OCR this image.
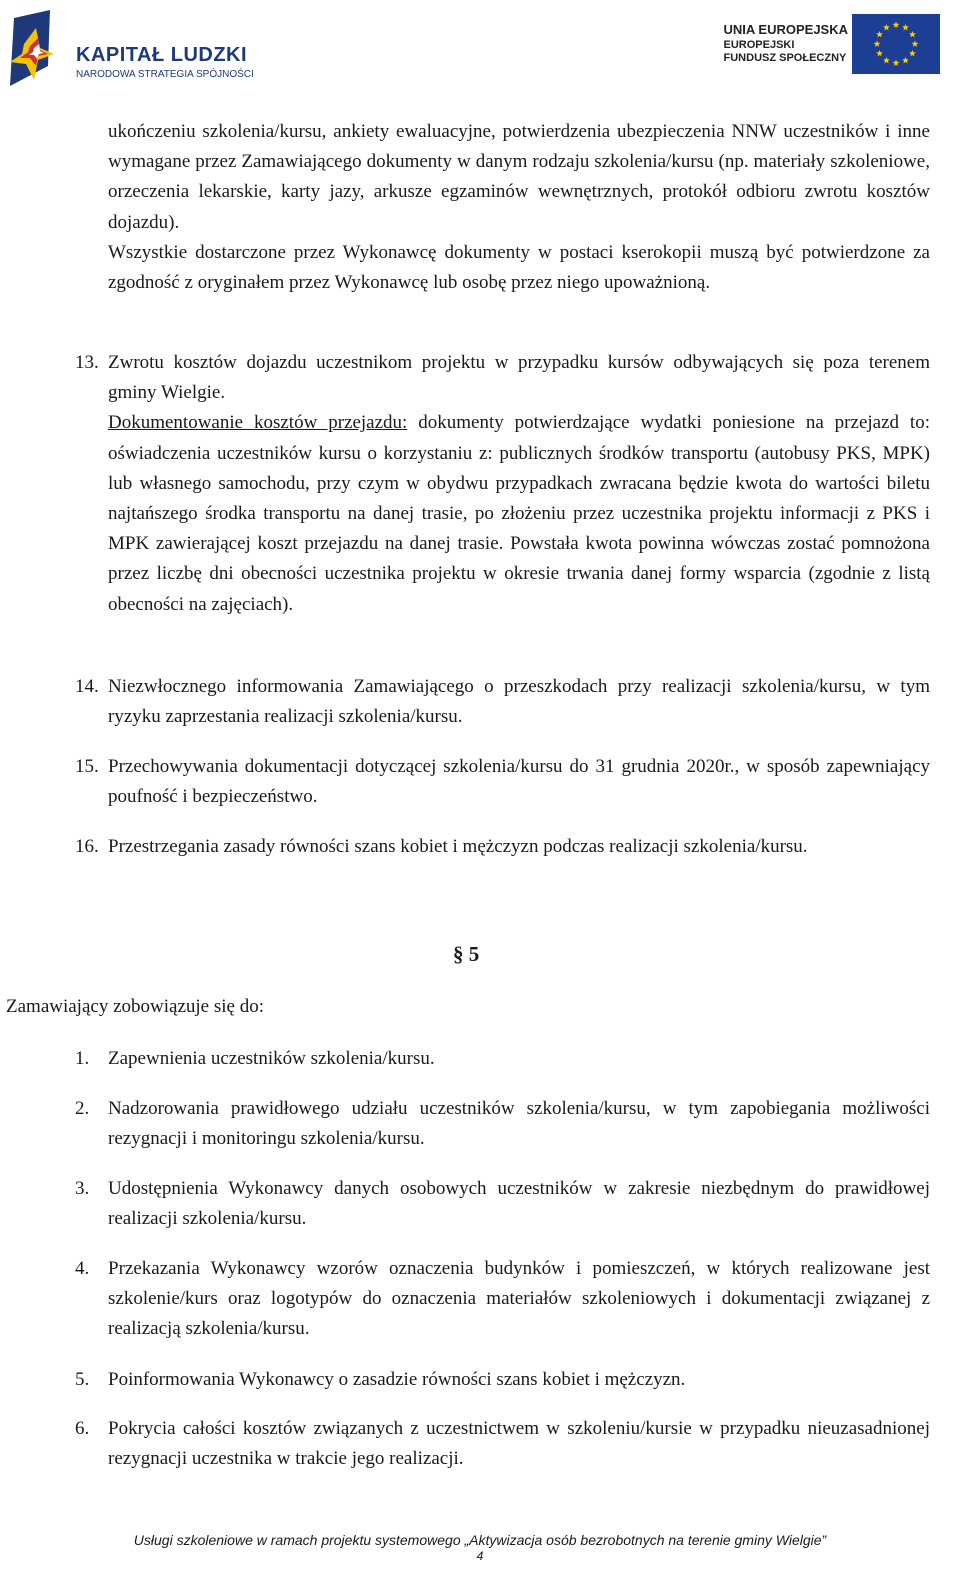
KAPITAŁ LUDZKI
NARODOWA STRATEGIA SPÓJNOŚCI
UNIA EUROPEJSKA
EUROPEJSKI
FUNDUSZ SPOŁECZNY
ukończeniu szkolenia/kursu, ankiety ewaluacyjne, potwierdzenia ubezpieczenia NNW uczestników i inne wymagane przez Zamawiającego dokumenty w danym rodzaju szkolenia/kursu (np. materiały szkoleniowe, orzeczenia lekarskie, karty jazy, arkusze egzaminów wewnętrznych, protokół odbioru zwrotu kosztów dojazdu).
Wszystkie dostarczone przez Wykonawcę dokumenty w postaci kserokopii muszą być potwierdzone za zgodność z oryginałem przez Wykonawcę lub osobę przez niego upoważnioną.
13. Zwrotu kosztów dojazdu uczestnikom projektu w przypadku kursów odbywających się poza terenem gminy Wielgie.
Dokumentowanie kosztów przejazdu: dokumenty potwierdzające wydatki poniesione na przejazd to: oświadczenia uczestników kursu o korzystaniu z: publicznych środków transportu (autobusy PKS, MPK) lub własnego samochodu, przy czym w obydwu przypadkach zwracana będzie kwota do wartości biletu najtańszego środka transportu na danej trasie, po złożeniu przez uczestnika projektu informacji z PKS i MPK zawierającej koszt przejazdu na danej trasie. Powstała kwota powinna wówczas zostać pomnożona przez liczbę dni obecności uczestnika projektu w okresie trwania danej formy wsparcia (zgodnie z listą obecności na zajęciach).
14. Niezwłocznego informowania Zamawiającego o przeszkodach przy realizacji szkolenia/kursu, w tym ryzyku zaprzestania realizacji szkolenia/kursu.
15. Przechowywania dokumentacji dotyczącej szkolenia/kursu do 31 grudnia 2020r., w sposób zapewniający poufność i bezpieczeństwo.
16. Przestrzegania zasady równości szans kobiet i mężczyzn podczas realizacji szkolenia/kursu.
§ 5
Zamawiający zobowiązuje się do:
1. Zapewnienia uczestników szkolenia/kursu.
2. Nadzorowania prawidłowego udziału uczestników szkolenia/kursu, w tym zapobiegania możliwości rezygnacji i monitoringu szkolenia/kursu.
3. Udostępnienia Wykonawcy danych osobowych uczestników w zakresie niezbędnym do prawidłowej realizacji szkolenia/kursu.
4. Przekazania Wykonawcy wzorów oznaczenia budynków i pomieszczeń, w których realizowane jest szkolenie/kurs oraz logotypów do oznaczenia materiałów szkoleniowych i dokumentacji związanej z realizacją szkolenia/kursu.
5. Poinformowania Wykonawcy o zasadzie równości szans kobiet i mężczyzn.
6. Pokrycia całości kosztów związanych z uczestnictwem w szkoleniu/kursie w przypadku nieuzasadnionej rezygnacji uczestnika w trakcie jego realizacji.
Usługi szkoleniowe w ramach projektu systemowego „Aktywizacja osób bezrobotnych na terenie gminy Wielgie”
4
